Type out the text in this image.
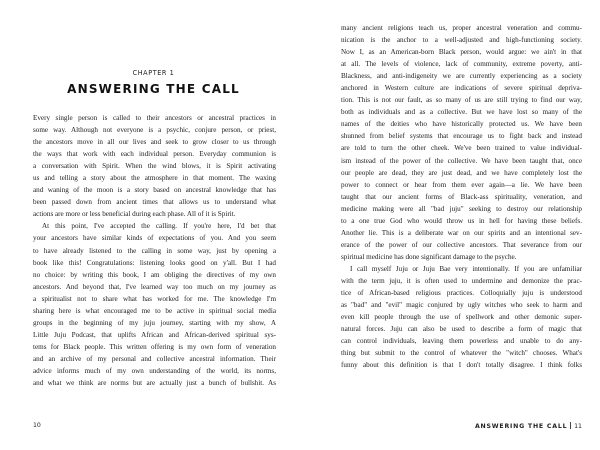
CHAPTER 1
ANSWERING THE CALL
Every single person is called to their ancestors or ancestral practices in
some way. Although not everyone is a psychic, conjure person, or priest,
the ancestors move in all our lives and seek to grow closer to us through
the ways that work with each individual person. Everyday communion is
a conversation with Spirit. When the wind blows, it is Spirit activating
us and telling a story about the atmosphere in that moment. The waxing
and waning of the moon is a story based on ancestral knowledge that has
been passed down from ancient times that allows us to understand what
actions are more or less beneficial during each phase. All of it is Spirit.
At this point, I've accepted the calling. If you're here, I'd bet that
your ancestors have similar kinds of expectations of you. And you seem
to have already listened to the calling in some way, just by opening a
book like this! Congratulations: listening looks good on y'all. But I had
no choice: by writing this book, I am obliging the directives of my own
ancestors. And beyond that, I've learned way too much on my journey as
a spiritualist not to share what has worked for me. The knowledge I'm
sharing here is what encouraged me to be active in spiritual social media
groups in the beginning of my juju journey, starting with my show, A
Little Juju Podcast, that uplifts African and African-derived spiritual sys-
tems for Black people. This written offering is my own form of veneration
and an archive of my personal and collective ancestral information. Their
advice informs much of my own understanding of the world, its norms,
and what we think are norms but are actually just a bunch of bullshit. As
10
many ancient religions teach us, proper ancestral veneration and commu-
nication is the anchor to a well-adjusted and high-functioning society.
Now I, as an American-born Black person, would argue: we ain't in that
at all. The levels of violence, lack of community, extreme poverty, anti-
Blackness, and anti-indigeneity we are currently experiencing as a society
anchored in Western culture are indications of severe spiritual depriva-
tion. This is not our fault, as so many of us are still trying to find our way,
both as individuals and as a collective. But we have lost so many of the
names of the deities who have historically protected us. We have been
shunned from belief systems that encourage us to fight back and instead
are told to turn the other cheek. We've been trained to value individual-
ism instead of the power of the collective. We have been taught that, once
our people are dead, they are just dead, and we have completely lost the
power to connect or hear from them ever again—a lie. We have been
taught that our ancient forms of Black-ass spirituality, veneration, and
medicine making were all "bad juju" seeking to destroy our relationship
to a one true God who would throw us in hell for having these beliefs.
Another lie. This is a deliberate war on our spirits and an intentional sev-
erance of the power of our collective ancestors. That severance from our
spiritual medicine has done significant damage to the psyche.
I call myself Juju or Juju Bae very intentionally. If you are unfamiliar
with the term juju, it is often used to undermine and demonize the prac-
tice of African-based religious practices. Colloquially juju is understood
as "bad" and "evil" magic conjured by ugly witches who seek to harm and
even kill people through the use of spellwork and other demonic super-
natural forces. Juju can also be used to describe a form of magic that
can control individuals, leaving them powerless and unable to do any-
thing but submit to the control of whatever the "witch" chooses. What's
funny about this definition is that I don't totally disagree. I think folks
ANSWERING THE CALL 11
